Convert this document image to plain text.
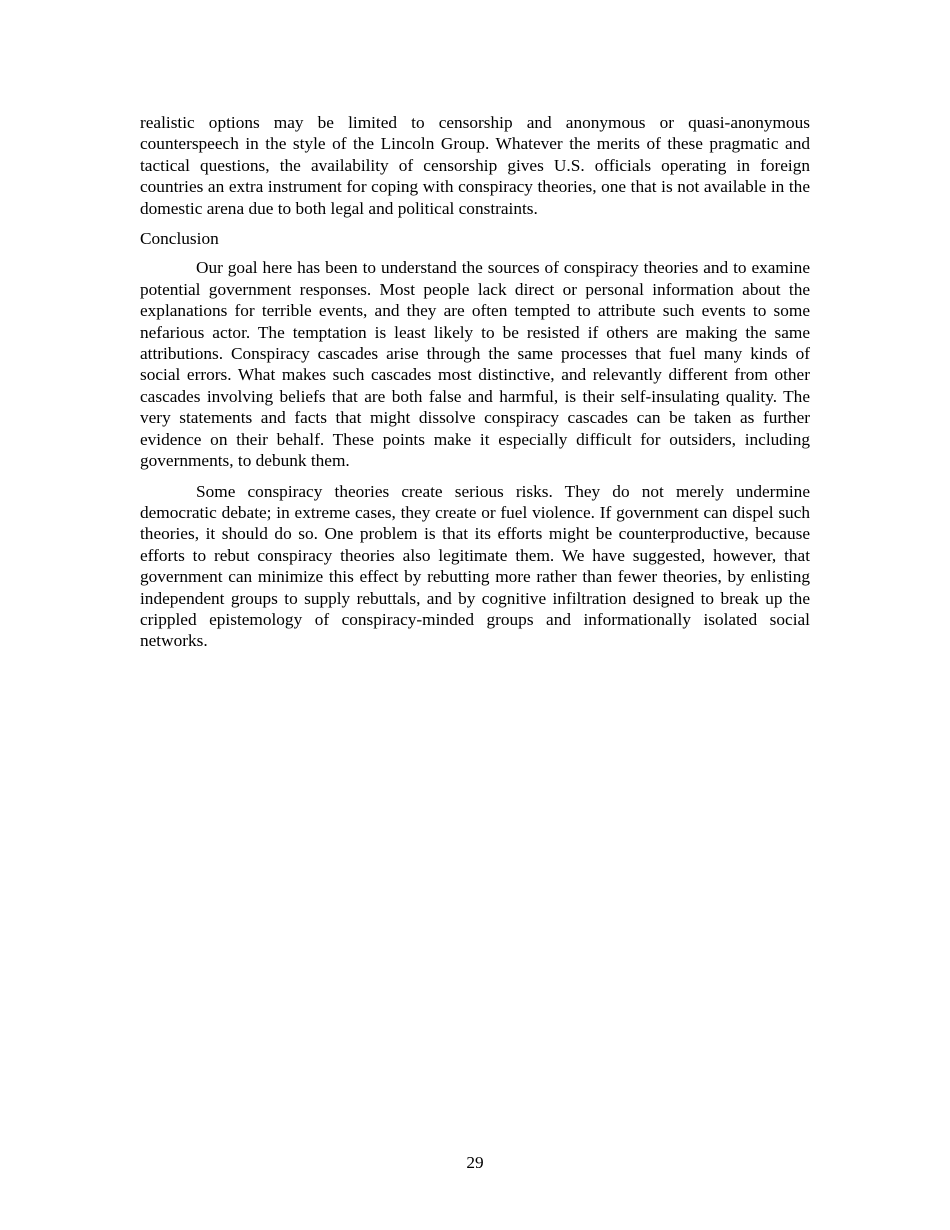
realistic options may be limited to censorship and anonymous or quasi-anonymous counterspeech in the style of the Lincoln Group. Whatever the merits of these pragmatic and tactical questions, the availability of censorship gives U.S. officials operating in foreign countries an extra instrument for coping with conspiracy theories, one that is not available in the domestic arena due to both legal and political constraints.

Conclusion

Our goal here has been to understand the sources of conspiracy theories and to examine potential government responses. Most people lack direct or personal information about the explanations for terrible events, and they are often tempted to attribute such events to some nefarious actor. The temptation is least likely to be resisted if others are making the same attributions. Conspiracy cascades arise through the same processes that fuel many kinds of social errors. What makes such cascades most distinctive, and relevantly different from other cascades involving beliefs that are both false and harmful, is their self-insulating quality. The very statements and facts that might dissolve conspiracy cascades can be taken as further evidence on their behalf. These points make it especially difficult for outsiders, including governments, to debunk them.

Some conspiracy theories create serious risks. They do not merely undermine democratic debate; in extreme cases, they create or fuel violence. If government can dispel such theories, it should do so. One problem is that its efforts might be counterproductive, because efforts to rebut conspiracy theories also legitimate them. We have suggested, however, that government can minimize this effect by rebutting more rather than fewer theories, by enlisting independent groups to supply rebuttals, and by cognitive infiltration designed to break up the crippled epistemology of conspiracy-minded groups and informationally isolated social networks.

29
